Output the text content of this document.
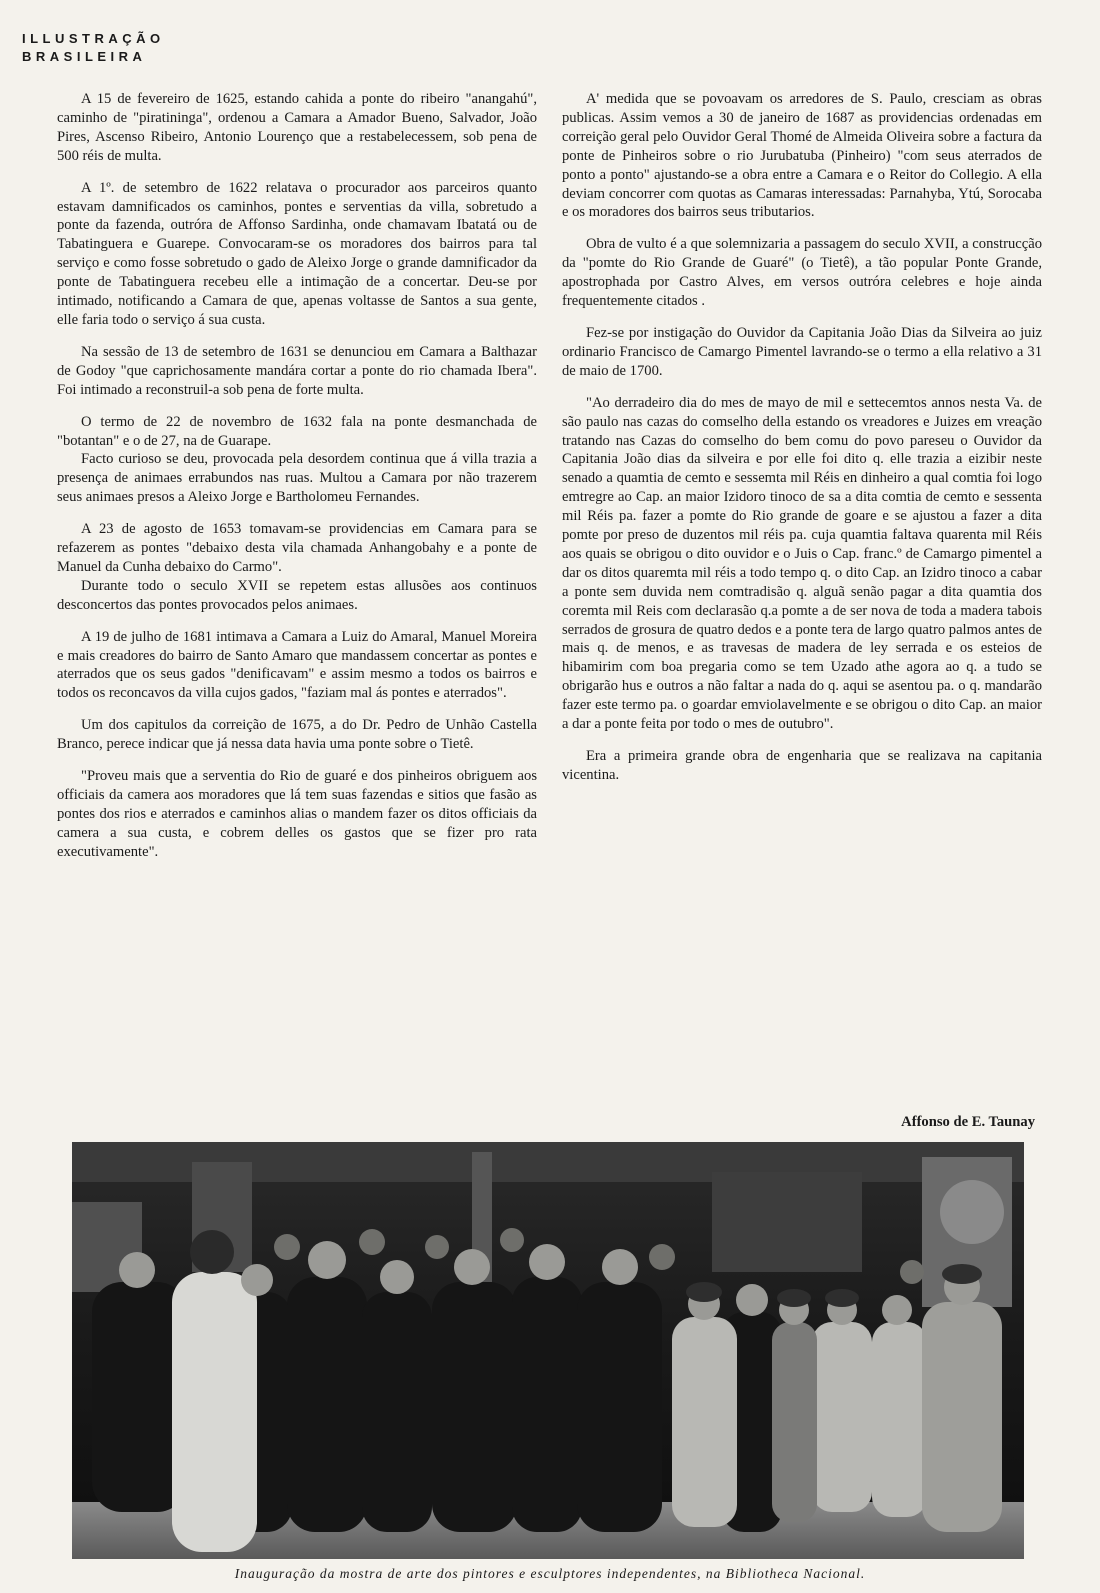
ILLUSTRAÇÃO
BRASILEIRA

A 15 de fevereiro de 1625, estando cahida a ponte do ribeiro "anangahú", caminho de "piratininga", ordenou a Camara a Amador Bueno, Salvador, João Pires, Ascenso Ribeiro, Antonio Lourenço que a restabelecessem, sob pena de 500 réis de multa.

A 1º. de setembro de 1622 relatava o procurador aos parceiros quanto estavam damnificados os caminhos, pontes e serventias da villa, sobretudo a ponte da fazenda, outróra de Affonso Sardinha, onde chamavam Ibatatá ou de Tabatinguera e Guarepe. Convocaram-se os moradores dos bairros para tal serviço e como fosse sobretudo o gado de Aleixo Jorge o grande damnificador da ponte de Tabatinguera recebeu elle a intimação de a concertar. Deu-se por intimado, notificando a Camara de que, apenas voltasse de Santos a sua gente, elle faria todo o serviço á sua custa.

Na sessão de 13 de setembro de 1631 se denunciou em Camara a Balthazar de Godoy "que caprichosamente mandára cortar a ponte do rio chamada Ibera". Foi intimado a reconstruil-a sob pena de forte multa.

O termo de 22 de novembro de 1632 fala na ponte desmanchada de "botantan" e o de 27, na de Guarape.

Facto curioso se deu, provocada pela desordem continua que á villa trazia a presença de animaes errabundos nas ruas. Multou a Camara por não trazerem seus animaes presos a Aleixo Jorge e Bartholomeu Fernandes.

A 23 de agosto de 1653 tomavam-se providencias em Camara para se refazerem as pontes "debaixo desta vila chamada Anhangobahy e a ponte de Manuel da Cunha debaixo do Carmo".

Durante todo o seculo XVII se repetem estas allusões aos continuos desconcertos das pontes provocados pelos animaes.

A 19 de julho de 1681 intimava a Camara a Luiz do Amaral, Manuel Moreira e mais creadores do bairro de Santo Amaro que mandassem concertar as pontes e aterrados que os seus gados "denificavam" e assim mesmo a todos os bairros e todos os reconcavos da villa cujos gados, "faziam mal ás pontes e aterrados".

Um dos capitulos da correição de 1675, a do Dr. Pedro de Unhão Castella Branco, perece indicar que já nessa data havia uma ponte sobre o Tietê.

"Proveu mais que a serventia do Rio de guaré e dos pinheiros obriguem aos officiais da camera aos moradores que lá tem suas fazendas e sitios que fasão as pontes dos rios e aterrados e caminhos alias o mandem fazer os ditos officiais da camera a sua custa, e cobrem delles os gastos que se fizer pro rata executivamente".

A' medida que se povoavam os arredores de S. Paulo, cresciam as obras publicas. Assim vemos a 30 de janeiro de 1687 as providencias ordenadas em correição geral pelo Ouvidor Geral Thomé de Almeida Oliveira sobre a factura da ponte de Pinheiros sobre o rio Jurubatuba (Pinheiro) "com seus aterrados de ponto a ponto" ajustando-se a obra entre a Camara e o Reitor do Collegio. A ella deviam concorrer com quotas as Camaras interessadas: Parnahyba, Ytú, Sorocaba e os moradores dos bairros seus tributarios.

Obra de vulto é a que solemnizaria a passagem do seculo XVII, a construcção da "pomte do Rio Grande de Guaré" (o Tietê), a tão popular Ponte Grande, apostrophada por Castro Alves, em versos outróra celebres e hoje ainda frequentemente citados .

Fez-se por instigação do Ouvidor da Capitania João Dias da Silveira ao juiz ordinario Francisco de Camargo Pimentel lavrando-se o termo a ella relativo a 31 de maio de 1700.

"Ao derradeiro dia do mes de mayo de mil e settecemtos annos nesta Va. de são paulo nas cazas do comselho della estando os vreadores e Juizes em vreação tratando nas Cazas do comselho do bem comu do povo pareseu o Ouvidor da Capitania João dias da silveira e por elle foi dito q. elle trazia a eizibir neste senado a quamtia de cemto e sessemta mil Réis en dinheiro a qual comtia foi logo emtregre ao Cap. an maior Izidoro tinoco de sa a dita comtia de cemto e sessenta mil Réis pa. fazer a pomte do Rio grande de goare e se ajustou a fazer a dita pomte por preso de duzentos mil réis pa. cuja quamtia faltava quarenta mil Réis aos quais se obrigou o dito ouvidor e o Juis o Cap. franc.º de Camargo pimentel a dar os ditos quaremta mil réis a todo tempo q. o dito Cap. an Izidro tinoco a cabar a ponte sem duvida nem comtradisão q. alguã senão pagar a dita quamtia dos coremta mil Reis com declarasão q.a pomte a de ser nova de toda a madera tabois serrados de grosura de quatro dedos e a ponte tera de largo quatro palmos antes de mais q. de menos, e as travesas de madera de ley serrada e os esteios de hibamirim com boa pregaria como se tem Uzado athe agora ao q. a tudo se obrigarão hus e outros a não faltar a nada do q. aqui se asentou pa. o q. mandarão fazer este termo pa. o goardar emviolavelmente e se obrigou o dito Cap. an maior a dar a ponte feita por todo o mes de outubro".

Era a primeira grande obra de engenharia que se realizava na capitania vicentina.

Affonso de E. Taunay
Inauguração da mostra de arte dos pintores e esculptores independentes, na Bibliotheca Nacional.
